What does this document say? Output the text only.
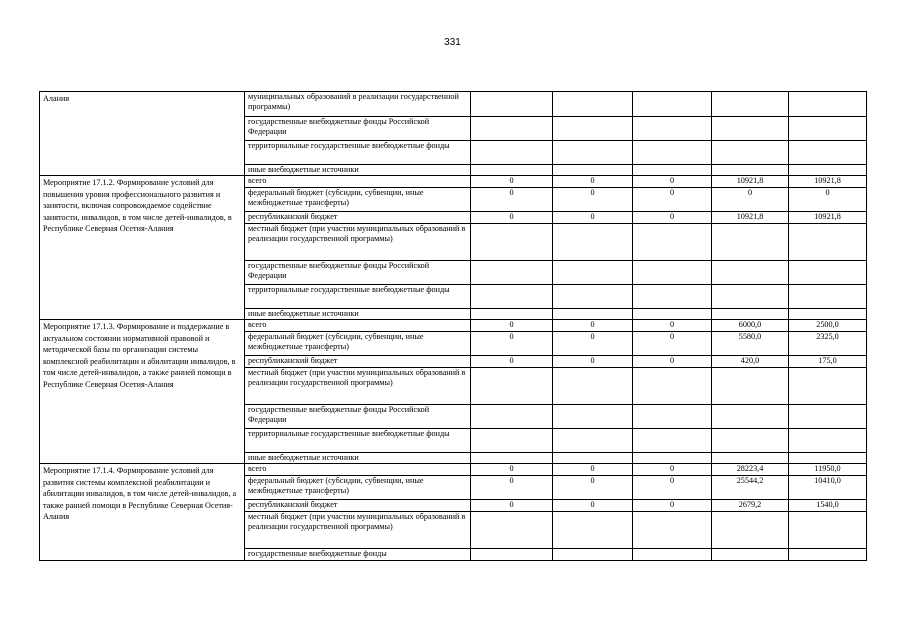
331
Алания	муниципальных образований в реализации государственной программы)					
	государственные внебюджетные фонды Российской Федерации					
	территориальные государственные внебюджетные фонды					
	иные внебюджетные источники					
Мероприятие 17.1.2. Формирование условий для повышения уровня профессионального развития и занятости, включая сопровождаемое содействие занятости, инвалидов, в том числе детей-инвалидов, в Республике Северная Осетия-Алания	всего	0	0	0	10921,8	10921,8
	федеральный бюджет (субсидии, субвенции, иные межбюджетные трансферты)	0	0	0	0	0
	республиканский бюджет	0	0	0	10921,8	10921,8
	местный бюджет (при участии муниципальных образований в реализации государственной программы)					
	государственные внебюджетные фонды Российской Федерации					
	территориальные государственные внебюджетные фонды					
	иные внебюджетные источники					
Мероприятие 17.1.3. Формирование и поддержание в актуальном состоянии нормативной правовой и методической базы по организации системы комплексной реабилитации и абилитации инвалидов, в том числе детей-инвалидов, а также ранней помощи в Республике Северная Осетия-Алания	всего	0	0	0	6000,0	2500,0
	федеральный бюджет (субсидии, субвенции, иные межбюджетные трансферты)	0	0	0	5580,0	2325,0
	республиканский бюджет	0	0	0	420,0	175,0
	местный бюджет (при участии муниципальных образований в реализации государственной программы)					
	государственные внебюджетные фонды Российской Федерации					
	территориальные государственные внебюджетные фонды					
	иные внебюджетные источники					
Мероприятие 17.1.4. Формирование условий для развития системы комплексной реабилитации и абилитации инвалидов, в том числе детей-инвалидов, а также ранней помощи в Республике Северная Осетия-Алания	всего	0	0	0	28223,4	11950,0
	федеральный бюджет (субсидии, субвенции, иные межбюджетные трансферты)	0	0	0	25544,2	10410,0
	республиканский бюджет	0	0	0	2679,2	1540,0
	местный бюджет (при участии муниципальных образований в реализации государственной программы)					
	государственные внебюджетные фонды					
